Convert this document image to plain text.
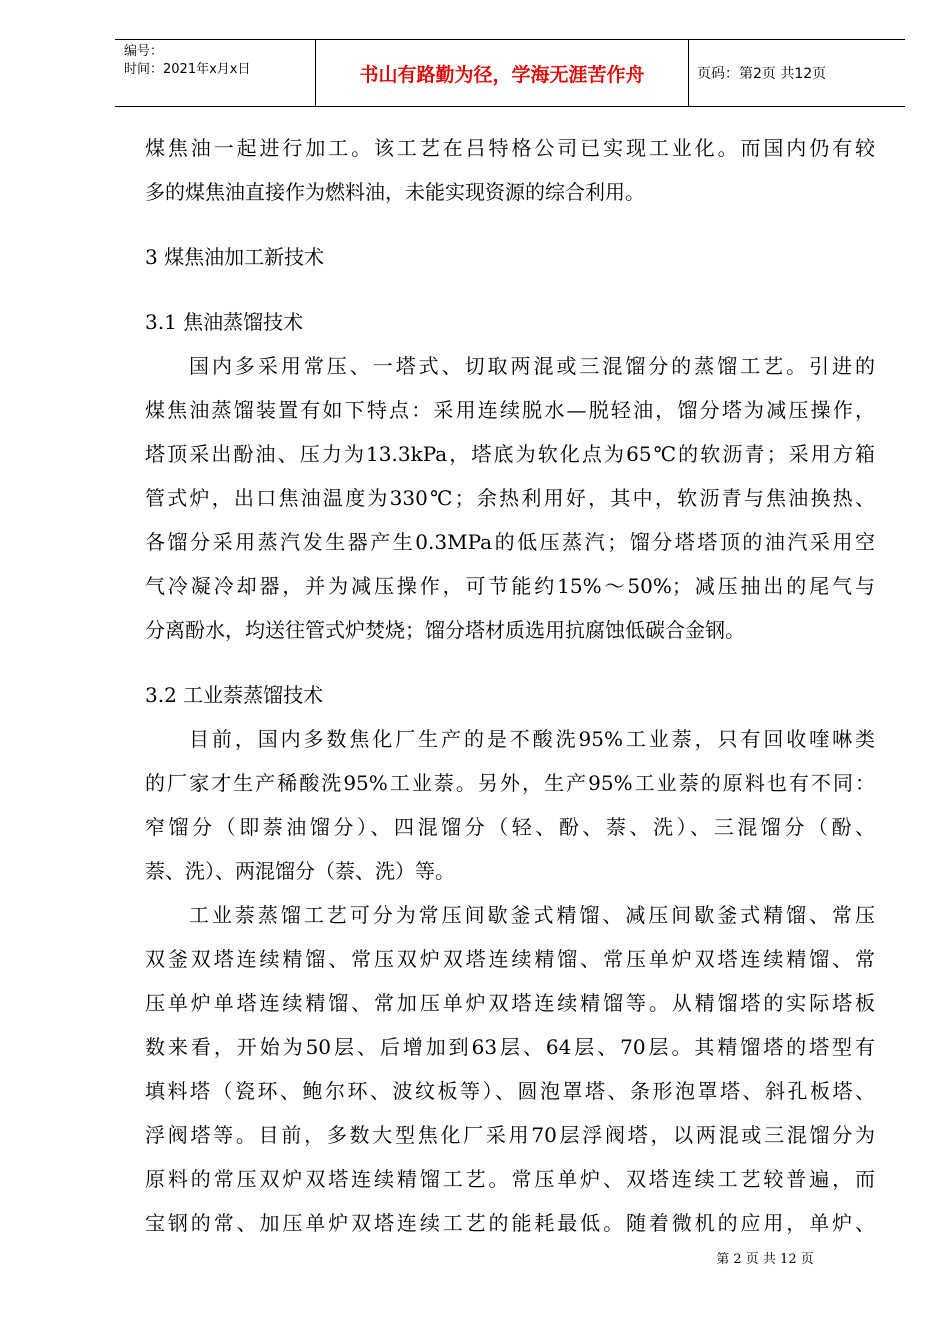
编号：
时间：2021年x月x日	书山有路勤为径，学海无涯苦作舟	页码：第2页 共12页
煤焦油一起进行加工。该工艺在吕特格公司已实现工业化。而国内仍有较
多的煤焦油直接作为燃料油，未能实现资源的综合利用。
3 煤焦油加工新技术
3.1 焦油蒸馏技术
国内多采用常压、一塔式、切取两混或三混馏分的蒸馏工艺。引进的
煤焦油蒸馏装置有如下特点：采用连续脱水—脱轻油，馏分塔为减压操作，
塔顶采出酚油、压力为13.3kPa，塔底为软化点为65℃的软沥青；采用方箱
管式炉，出口焦油温度为330℃；余热利用好，其中，软沥青与焦油换热、
各馏分采用蒸汽发生器产生0.3MPa的低压蒸汽；馏分塔塔顶的油汽采用空
气冷凝冷却器，并为减压操作，可节能约15%～50%；减压抽出的尾气与
分离酚水，均送往管式炉焚烧；馏分塔材质选用抗腐蚀低碳合金钢。
3.2 工业萘蒸馏技术
目前，国内多数焦化厂生产的是不酸洗95%工业萘，只有回收喹啉类
的厂家才生产稀酸洗95%工业萘。另外，生产95%工业萘的原料也有不同：
窄馏分（即萘油馏分）、四混馏分（轻、酚、萘、洗）、三混馏分（酚、
萘、洗）、两混馏分（萘、洗）等。
工业萘蒸馏工艺可分为常压间歇釜式精馏、减压间歇釜式精馏、常压
双釜双塔连续精馏、常压双炉双塔连续精馏、常压单炉双塔连续精馏、常
压单炉单塔连续精馏、常加压单炉双塔连续精馏等。从精馏塔的实际塔板
数来看，开始为50层、后增加到63层、64层、70层。其精馏塔的塔型有
填料塔（瓷环、鲍尔环、波纹板等）、圆泡罩塔、条形泡罩塔、斜孔板塔、
浮阀塔等。目前，多数大型焦化厂采用70层浮阀塔，以两混或三混馏分为
原料的常压双炉双塔连续精馏工艺。常压单炉、双塔连续工艺较普遍，而
宝钢的常、加压单炉双塔连续工艺的能耗最低。随着微机的应用，单炉、
第 2 页 共 12 页
